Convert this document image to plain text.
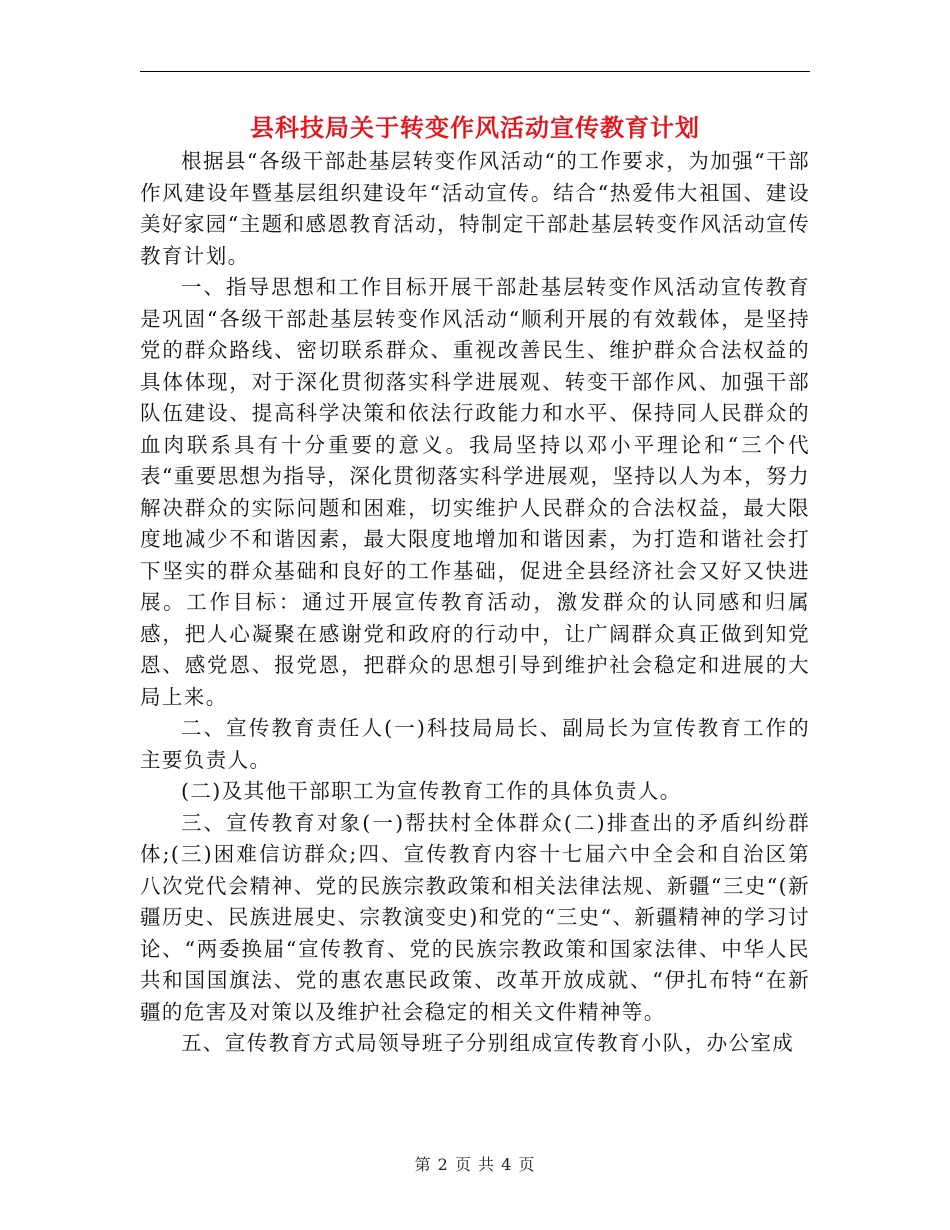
县科技局关于转变作风活动宣传教育计划

根据县“各级干部赴基层转变作风活动“的工作要求，为加强“干部作风建设年暨基层组织建设年“活动宣传。结合“热爱伟大祖国、建设美好家园“主题和感恩教育活动，特制定干部赴基层转变作风活动宣传教育计划。

一、指导思想和工作目标开展干部赴基层转变作风活动宣传教育是巩固“各级干部赴基层转变作风活动“顺利开展的有效载体，是坚持党的群众路线、密切联系群众、重视改善民生、维护群众合法权益的具体体现，对于深化贯彻落实科学进展观、转变干部作风、加强干部队伍建设、提高科学决策和依法行政能力和水平、保持同人民群众的血肉联系具有十分重要的意义。我局坚持以邓小平理论和“三个代表“重要思想为指导，深化贯彻落实科学进展观，坚持以人为本，努力解决群众的实际问题和困难，切实维护人民群众的合法权益，最大限度地减少不和谐因素，最大限度地增加和谐因素，为打造和谐社会打下坚实的群众基础和良好的工作基础，促进全县经济社会又好又快进展。工作目标：通过开展宣传教育活动，激发群众的认同感和归属感，把人心凝聚在感谢党和政府的行动中，让广阔群众真正做到知党恩、感党恩、报党恩，把群众的思想引导到维护社会稳定和进展的大局上来。

二、宣传教育责任人(一)科技局局长、副局长为宣传教育工作的主要负责人。

(二)及其他干部职工为宣传教育工作的具体负责人。

三、宣传教育对象(一)帮扶村全体群众(二)排查出的矛盾纠纷群体;(三)困难信访群众;四、宣传教育内容十七届六中全会和自治区第八次党代会精神、党的民族宗教政策和相关法律法规、新疆“三史“(新疆历史、民族进展史、宗教演变史)和党的“三史“、新疆精神的学习讨论、“两委换届“宣传教育、党的民族宗教政策和国家法律、中华人民共和国国旗法、党的惠农惠民政策、改革开放成就、“伊扎布特“在新疆的危害及对策以及维护社会稳定的相关文件精神等。

五、宣传教育方式局领导班子分别组成宣传教育小队，办公室成

第 2 页 共 4 页
